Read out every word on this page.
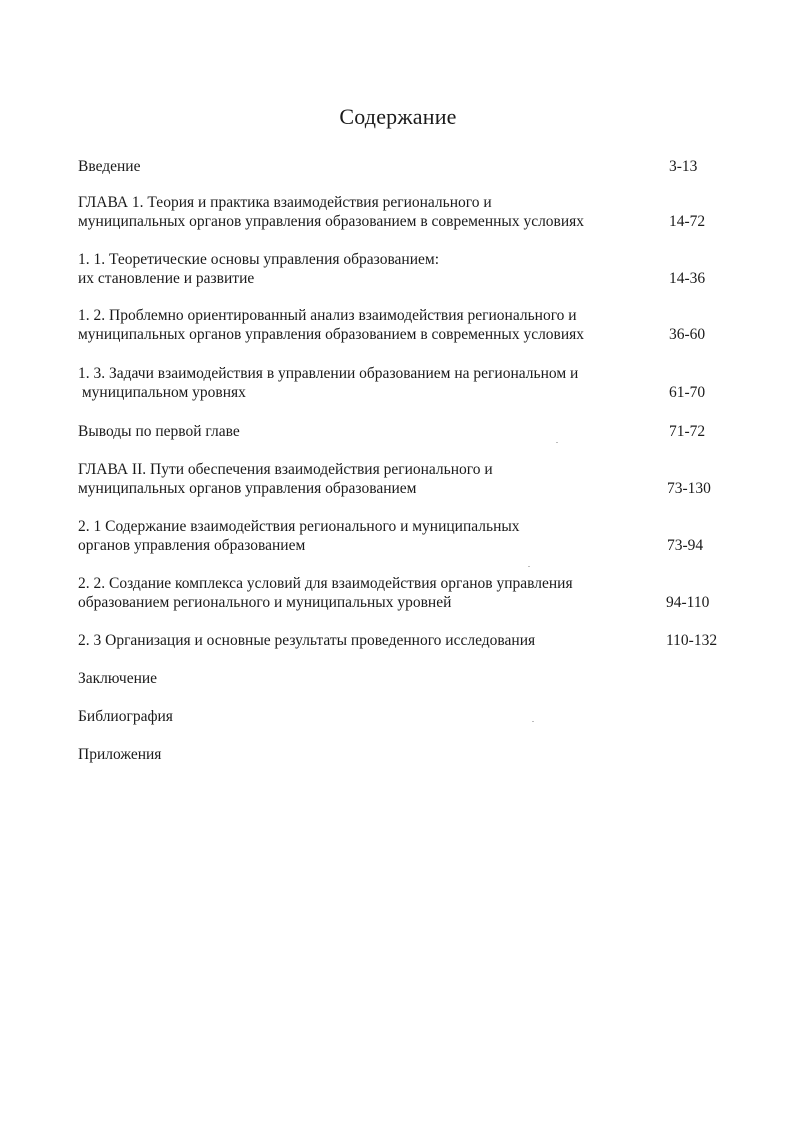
Содержание
Введение	3-13
ГЛАВА 1. Теория и практика взаимодействия регионального и
муниципальных органов управления образованием в современных условиях	14-72
1. 1. Теоретические основы управления образованием:
их становление и развитие	14-36
1. 2. Проблемно ориентированный анализ взаимодействия регионального и
муниципальных органов управления образованием в современных условиях	36-60
1. 3. Задачи взаимодействия в управлении образованием на региональном и
муниципальном уровнях	61-70
Выводы по первой главе	71-72
ГЛАВА II. Пути обеспечения взаимодействия регионального и
муниципальных органов управления образованием	73-130
2. 1 Содержание взаимодействия регионального и муниципальных
органов управления образованием	73-94
2. 2. Создание комплекса условий для взаимодействия органов управления
образованием регионального и муниципальных уровней	94-110
2. 3 Организация и основные результаты проведенного исследования	110-132
Заключение
Библиография
Приложения
